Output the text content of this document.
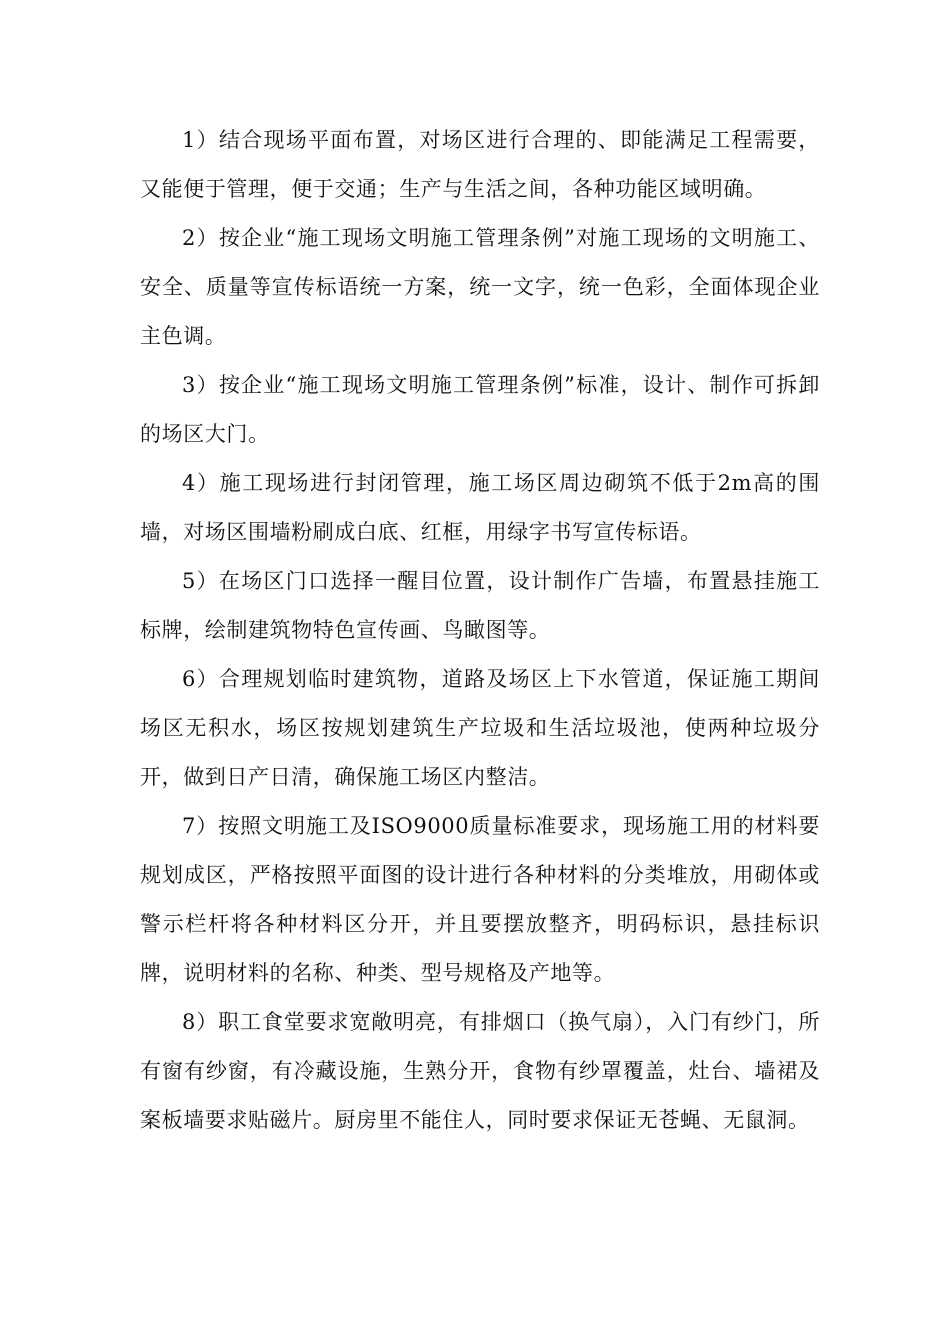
1）结合现场平面布置，对场区进行合理的、即能满足工程需要，又能便于管理，便于交通；生产与生活之间，各种功能区域明确。

2）按企业“施工现场文明施工管理条例”对施工现场的文明施工、安全、质量等宣传标语统一方案，统一文字，统一色彩，全面体现企业主色调。

3）按企业“施工现场文明施工管理条例”标准，设计、制作可拆卸的场区大门。

4）施工现场进行封闭管理，施工场区周边砌筑不低于2m高的围墙，对场区围墙粉刷成白底、红框，用绿字书写宣传标语。

5）在场区门口选择一醒目位置，设计制作广告墙，布置悬挂施工标牌，绘制建筑物特色宣传画、鸟瞰图等。

6）合理规划临时建筑物，道路及场区上下水管道，保证施工期间场区无积水，场区按规划建筑生产垃圾和生活垃圾池，使两种垃圾分开，做到日产日清，确保施工场区内整洁。

7）按照文明施工及ISO9000质量标准要求，现场施工用的材料要规划成区，严格按照平面图的设计进行各种材料的分类堆放，用砌体或警示栏杆将各种材料区分开，并且要摆放整齐，明码标识，悬挂标识牌，说明材料的名称、种类、型号规格及产地等。

8）职工食堂要求宽敞明亮，有排烟口（换气扇），入门有纱门，所有窗有纱窗，有冷藏设施，生熟分开，食物有纱罩覆盖，灶台、墙裙及案板墙要求贴磁片。厨房里不能住人，同时要求保证无苍蝇、无鼠洞。
